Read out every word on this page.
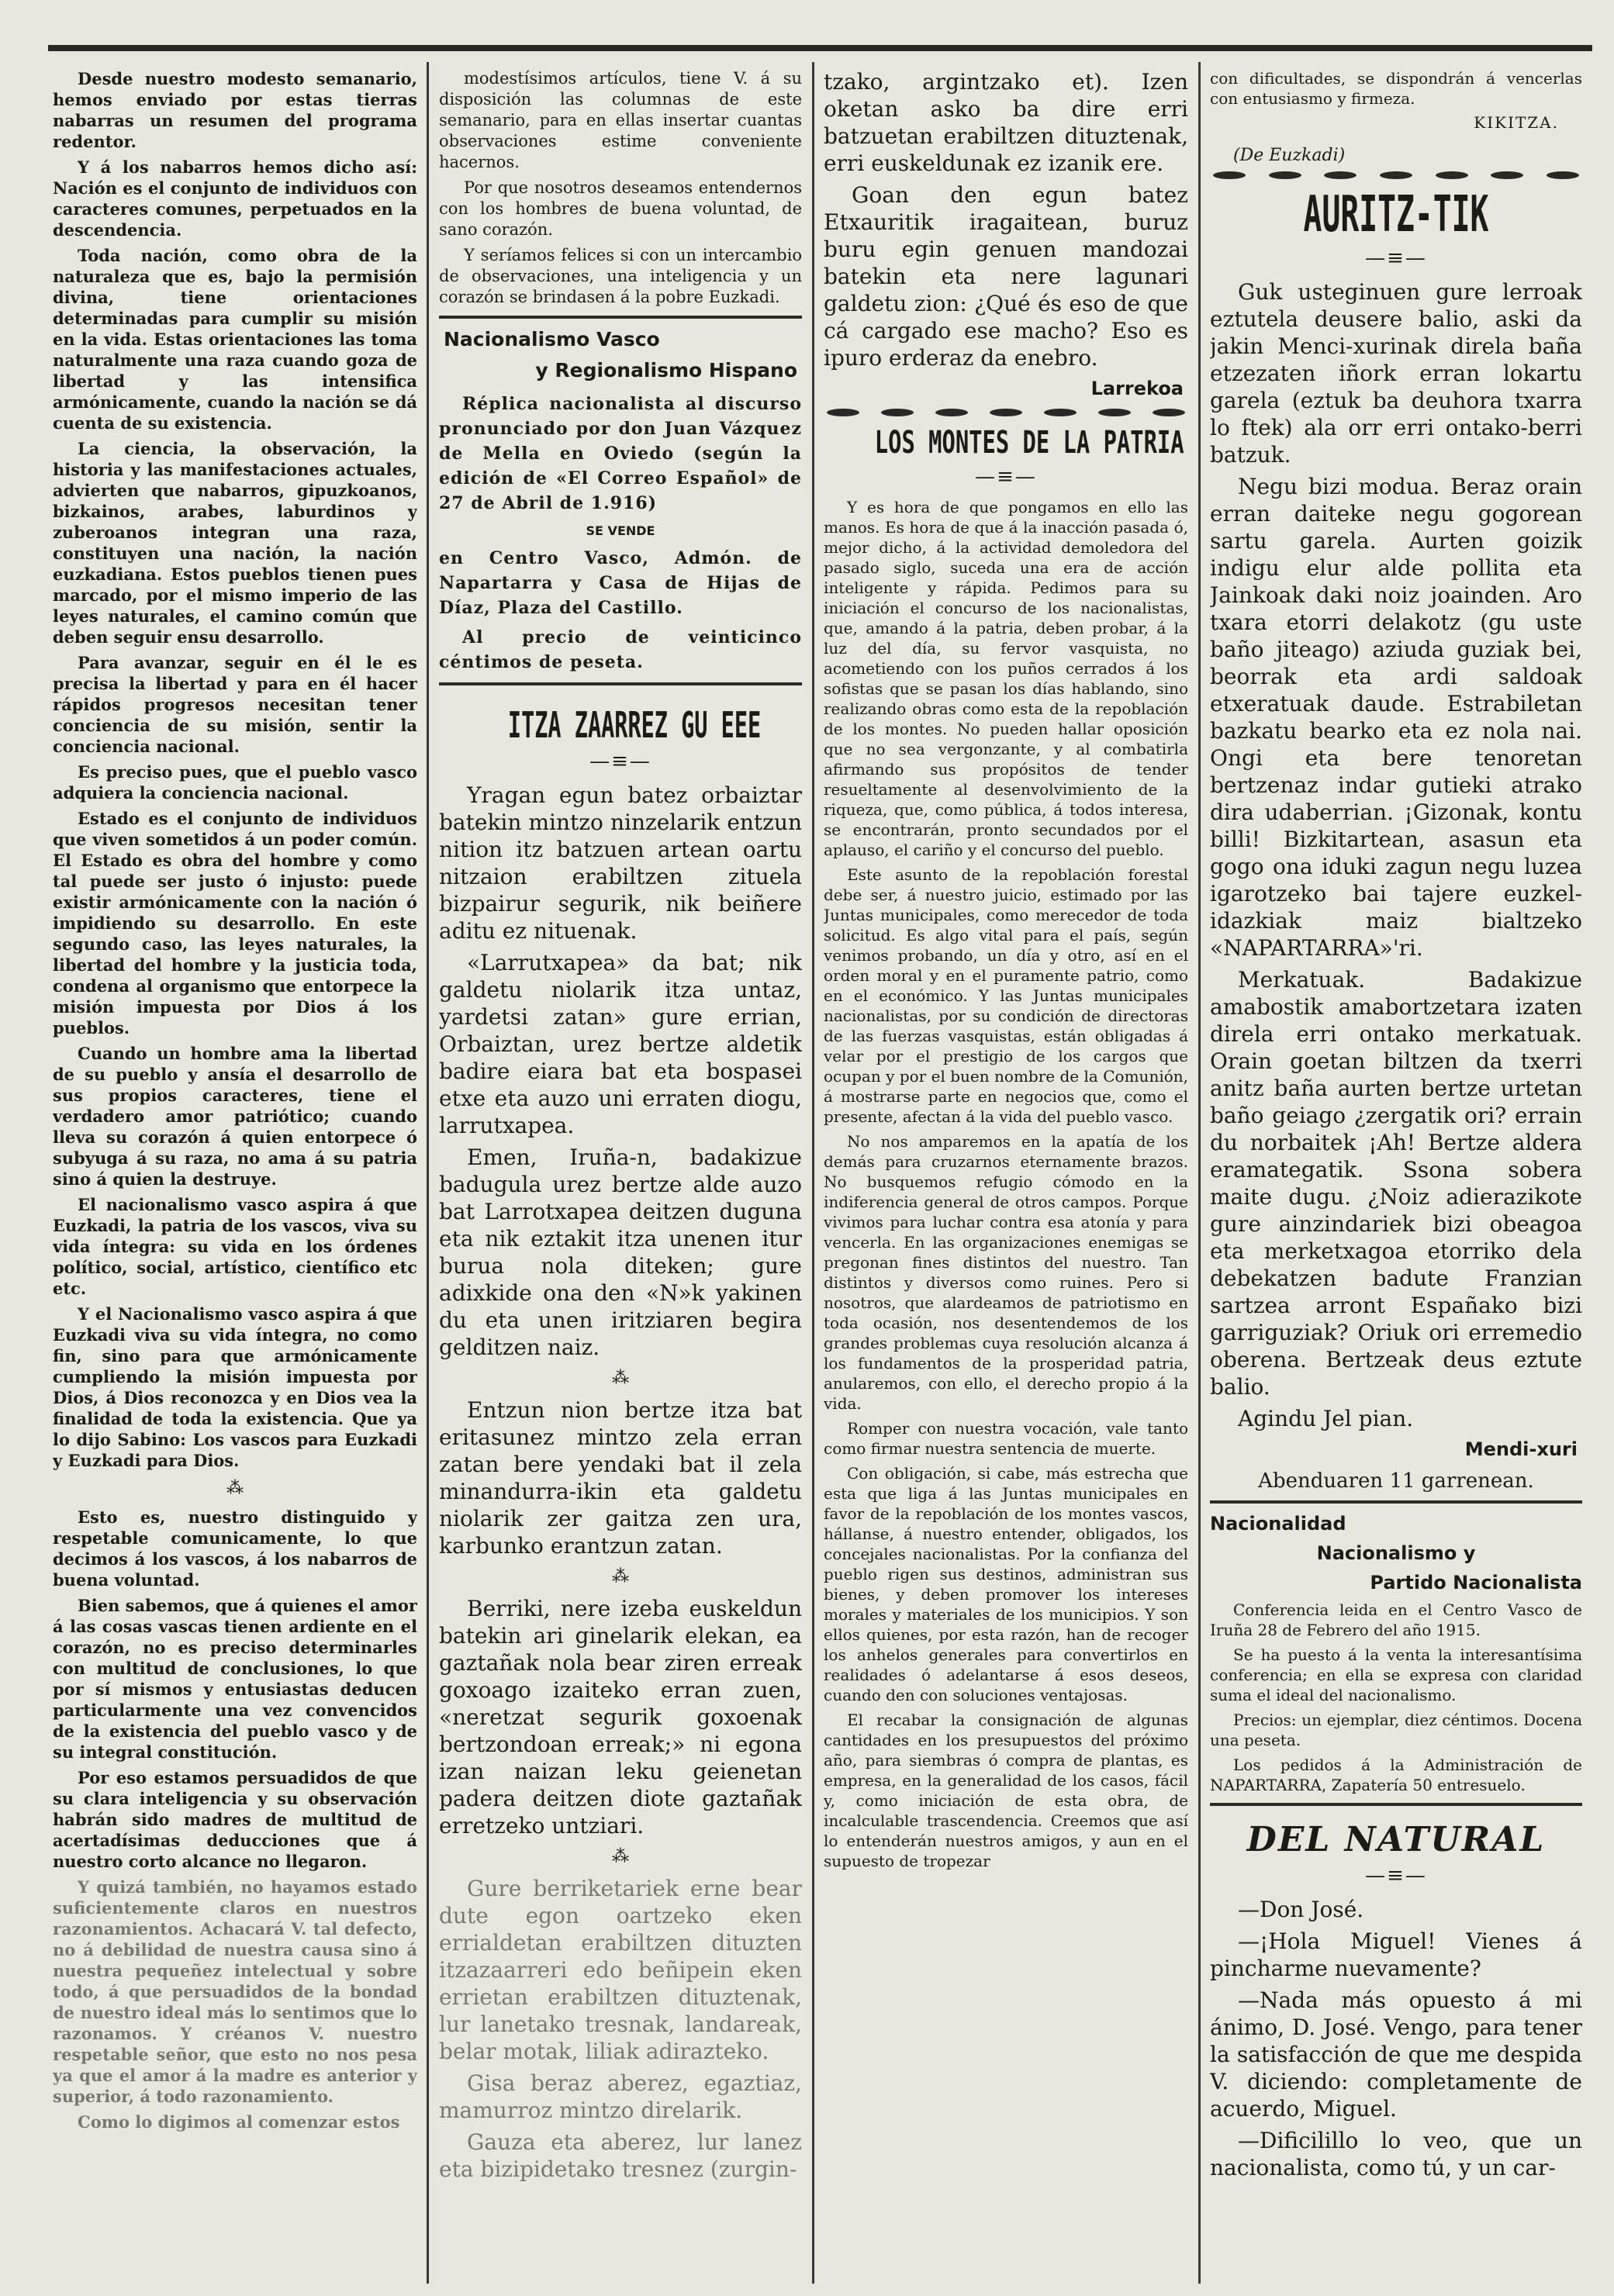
Desde nuestro modesto semanario, hemos enviado por estas tierras nabarras un resumen del programa redentor.

Y á los nabarros hemos dicho así: Nación es el conjunto de individuos con caracteres comunes, perpetuados en la descendencia.

Toda nación, como obra de la naturaleza que es, bajo la permisión divina, tiene orientaciones determinadas para cumplir su misión en la vida. Estas orientaciones las toma naturalmente una raza cuando goza de libertad y las intensifica armónicamente, cuando la nación se dá cuenta de su existencia.

La ciencia, la observación, la historia y las manifestaciones actuales, advierten que nabarros, gipuzkoanos, bizkainos, arabes, laburdinos y zuberoanos integran una raza, constituyen una nación, la nación euzkadiana. Estos pueblos tienen pues marcado, por el mismo imperio de las leyes naturales, el camino común que deben seguir ensu desarrollo.

Para avanzar, seguir en él le es precisa la libertad y para en él hacer rápidos progresos necesitan tener conciencia de su misión, sentir la conciencia nacional.

Es preciso pues, que el pueblo vasco adquiera la conciencia nacional.

Estado es el conjunto de individuos que viven sometidos á un poder común. El Estado es obra del hombre y como tal puede ser justo ó injusto: puede existir armónicamente con la nación ó impidiendo su desarrollo. En este segundo caso, las leyes naturales, la libertad del hombre y la justicia toda, condena al organismo que entorpece la misión impuesta por Dios á los pueblos.

Cuando un hombre ama la libertad de su pueblo y ansía el desarrollo de sus propios caracteres, tiene el verdadero amor patriótico; cuando lleva su corazón á quien entorpece ó subyuga á su raza, no ama á su patria sino á quien la destruye.

El nacionalismo vasco aspira á que Euzkadi, la patria de los vascos, viva su vida íntegra: su vida en los órdenes político, social, artístico, científico etc etc.

Y el Nacionalismo vasco aspira á que Euzkadi viva su vida íntegra, no como fin, sino para que armónicamente cumpliendo la misión impuesta por Dios, á Dios reconozca y en Dios vea la finalidad de toda la existencia. Que ya lo dijo Sabino: Los vascos para Euzkadi y Euzkadi para Dios.

⁂

Esto es, nuestro distinguido y respetable comunicamente, lo que decimos á los vascos, á los nabarros de buena voluntad.

Bien sabemos, que á quienes el amor á las cosas vascas tienen ardiente en el corazón, no es preciso determinarles con multitud de conclusiones, lo que por sí mismos y entusiastas deducen particularmente una vez convencidos de la existencia del pueblo vasco y de su integral constitución.

Por eso estamos persuadidos de que su clara inteligencia y su observación habrán sido madres de multitud de acertadísimas deducciones que á nuestro corto alcance no llegaron.

Y quizá también, no hayamos estado suficientemente claros en nuestros razonamientos. Achacará V. tal defecto, no á debilidad de nuestra causa sino á nuestra pequeñez intelectual y sobre todo, á que persuadidos de la bondad de nuestro ideal más lo sentimos que lo razonamos. Y créanos V. nuestro respetable señor, que esto no nos pesa ya que el amor á la madre es anterior y superior, á todo razonamiento.

Como lo digimos al comenzar estos

modestísimos artículos, tiene V. á su disposición las columnas de este semanario, para en ellas insertar cuantas observaciones estime conveniente hacernos.

Por que nosotros deseamos entendernos con los hombres de buena voluntad, de sano corazón.

Y seríamos felices si con un intercambio de observaciones, una inteligencia y un corazón se brindasen á la pobre Euzkadi.

Nacionalismo Vasco
y Regionalismo Hispano

Réplica nacionalista al discurso pronunciado por don Juan Vázquez de Mella en Oviedo (según la edición de «El Correo Español» de 27 de Abril de 1.916)

SE VENDE

en Centro Vasco, Admón. de Napartarra y Casa de Hijas de Díaz, Plaza del Castillo.

Al precio de veinticinco céntimos de peseta.

ITZA ZAARREZ GU EEE
—≡—

Yragan egun batez orbaiztar batekin mintzo ninzelarik entzun nition itz batzuen artean oartu nitzaion erabiltzen zituela bizpairur segurik, nik beiñere aditu ez nituenak.

«Larrutxapea» da bat; nik galdetu niolarik itza untaz, yardetsi zatan» gure errian, Orbaiztan, urez bertze aldetik badire eiara bat eta bospasei etxe eta auzo uni erraten diogu, larrutxapea.

Emen, Iruña-n, badakizue badugula urez bertze alde auzo bat Larrotxapea deitzen duguna eta nik eztakit itza unenen itur burua nola diteken; gure adixkide ona den «N»k yakinen du eta unen iritziaren begira gelditzen naiz.

⁂

Entzun nion bertze itza bat eritasunez mintzo zela erran zatan bere yendaki bat il zela minandurra-ikin eta galdetu niolarik zer gaitza zen ura, karbunko erantzun zatan.

⁂

Berriki, nere izeba euskeldun batekin ari ginelarik elekan, ea gaztañak nola bear ziren erreak goxoago izaiteko erran zuen, «neretzat segurik goxoenak bertzondoan erreak;» ni egona izan naizan leku geienetan padera deitzen diote gaztañak erretzeko untziari.

⁂

Gure berriketariek erne bear dute egon oartzeko eken errialdetan erabiltzen dituzten itzazaarreri edo beñipein eken errietan erabiltzen dituztenak, lur lanetako tresnak, landareak, belar motak, liliak adirazteko.

Gisa beraz aberez, egaztiaz, mamurroz mintzo direlarik.

Gauza eta aberez, lur lanez eta bizipidetako tresnez (zurgin-

tzako, argintzako et). Izen oketan asko ba dire erri batzuetan erabiltzen dituztenak, erri euskeldunak ez izanik ere.

Goan den egun batez Etxauritik iragaitean, buruz buru egin genuen mandozai batekin eta nere lagunari galdetu zion: ¿Qué és eso de que cá cargado ese macho? Eso es ipuro erderaz da enebro.

Larrekoa
LOS MONTES DE LA PATRIA
—≡—

Y es hora de que pongamos en ello las manos. Es hora de que á la inacción pasada ó, mejor dicho, á la actividad demoledora del pasado siglo, suceda una era de acción inteligente y rápida. Pedimos para su iniciación el concurso de los nacionalistas, que, amando á la patria, deben probar, á la luz del día, su fervor vasquista, no acometiendo con los puños cerrados á los sofistas que se pasan los días hablando, sino realizando obras como esta de la repoblación de los montes. No pueden hallar oposición que no sea vergonzante, y al combatirla afirmando sus propósitos de tender resueltamente al desenvolvimiento de la riqueza, que, como pública, á todos interesa, se encontrarán, pronto secundados por el aplauso, el cariño y el concurso del pueblo.

Este asunto de la repoblación forestal debe ser, á nuestro juicio, estimado por las Juntas municipales, como merecedor de toda solicitud. Es algo vital para el país, según venimos probando, un día y otro, así en el orden moral y en el puramente patrio, como en el económico. Y las Juntas municipales nacionalistas, por su condición de directoras de las fuerzas vasquistas, están obligadas á velar por el prestigio de los cargos que ocupan y por el buen nombre de la Comunión, á mostrarse parte en negocios que, como el presente, afectan á la vida del pueblo vasco.

No nos amparemos en la apatía de los demás para cruzarnos eternamente brazos. No busquemos refugio cómodo en la indiferencia general de otros campos. Porque vivimos para luchar contra esa atonía y para vencerla. En las organizaciones enemigas se pregonan fines distintos del nuestro. Tan distintos y diversos como ruines. Pero si nosotros, que alardeamos de patriotismo en toda ocasión, nos desentendemos de los grandes problemas cuya resolución alcanza á los fundamentos de la prosperidad patria, anularemos, con ello, el derecho propio á la vida.

Romper con nuestra vocación, vale tanto como firmar nuestra sentencia de muerte.

Con obligación, si cabe, más estrecha que esta que liga á las Juntas municipales en favor de la repoblación de los montes vascos, hállanse, á nuestro entender, obligados, los concejales nacionalistas. Por la confianza del pueblo rigen sus destinos, administran sus bienes, y deben promover los intereses morales y materiales de los municipios. Y son ellos quienes, por esta razón, han de recoger los anhelos generales para convertirlos en realidades ó adelantarse á esos deseos, cuando den con soluciones ventajosas.

El recabar la consignación de algunas cantidades en los presupuestos del próximo año, para siembras ó compra de plantas, es empresa, en la generalidad de los casos, fácil y, como iniciación de esta obra, de incalculable trascendencia. Creemos que así lo entenderán nuestros amigos, y aun en el supuesto de tropezar

con dificultades, se dispondrán á vencerlas con entusiasmo y firmeza.

KIKITZA.
(De Euzkadi)
AURITZ-TIK
—≡—

Guk usteginuen gure lerroak eztutela deusere balio, aski da jakin Menci-xurinak direla baña etzezaten iñork erran lokartu garela (eztuk ba deuhora txarra lo ftek) ala orr erri ontako-berri batzuk.

Negu bizi modua. Beraz orain erran daiteke negu gogorean sartu garela. Aurten goizik indigu elur alde pollita eta Jainkoak daki noiz joainden. Aro txara etorri delakotz (gu uste baño jiteago) aziuda guziak bei, beorrak eta ardi saldoak etxeratuak daude. Estrabiletan bazkatu bearko eta ez nola nai. Ongi eta bere tenoretan bertzenaz indar gutieki atrako dira udaberrian. ¡Gizonak, kontu billi! Bizkitartean, asasun eta gogo ona iduki zagun negu luzea igarotzeko bai tajere euzkel-idazkiak maiz bialtzeko «NAPARTARRA»'ri.

Merkatuak. Badakizue amabostik amabortzetara izaten direla erri ontako merkatuak. Orain goetan biltzen da txerri anitz baña aurten bertze urtetan baño geiago ¿zergatik ori? errain du norbaitek ¡Ah! Bertze aldera eramategatik. Ssona sobera maite dugu. ¿Noiz adierazikote gure ainzindariek bizi obeagoa eta merketxagoa etorriko dela debekatzen badute Franzian sartzea arront Españako bizi garriguziak? Oriuk ori erremedio oberena. Bertzeak deus eztute balio.

Agindu Jel pian.

Mendi-xuri
Abenduaren 11 garrenean.
Nacionalidad
Nacionalismo y
Partido Nacionalista

Conferencia leida en el Centro Vasco de Iruña 28 de Febrero del año 1915.

Se ha puesto á la venta la interesantísima conferencia; en ella se expresa con claridad suma el ideal del nacionalismo.

Precios: un ejemplar, diez céntimos. Docena una peseta.

Los pedidos á la Administración de NAPARTARRA, Zapatería 50 entresuelo.

DEL NATURAL
—≡—

—Don José.

—¡Hola Miguel! Vienes á pincharme nuevamente?

—Nada más opuesto á mi ánimo, D. José. Vengo, para tener la satisfacción de que me despida V. diciendo: completamente de acuerdo, Miguel.

—Dificilillo lo veo, que un nacionalista, como tú, y un car-
